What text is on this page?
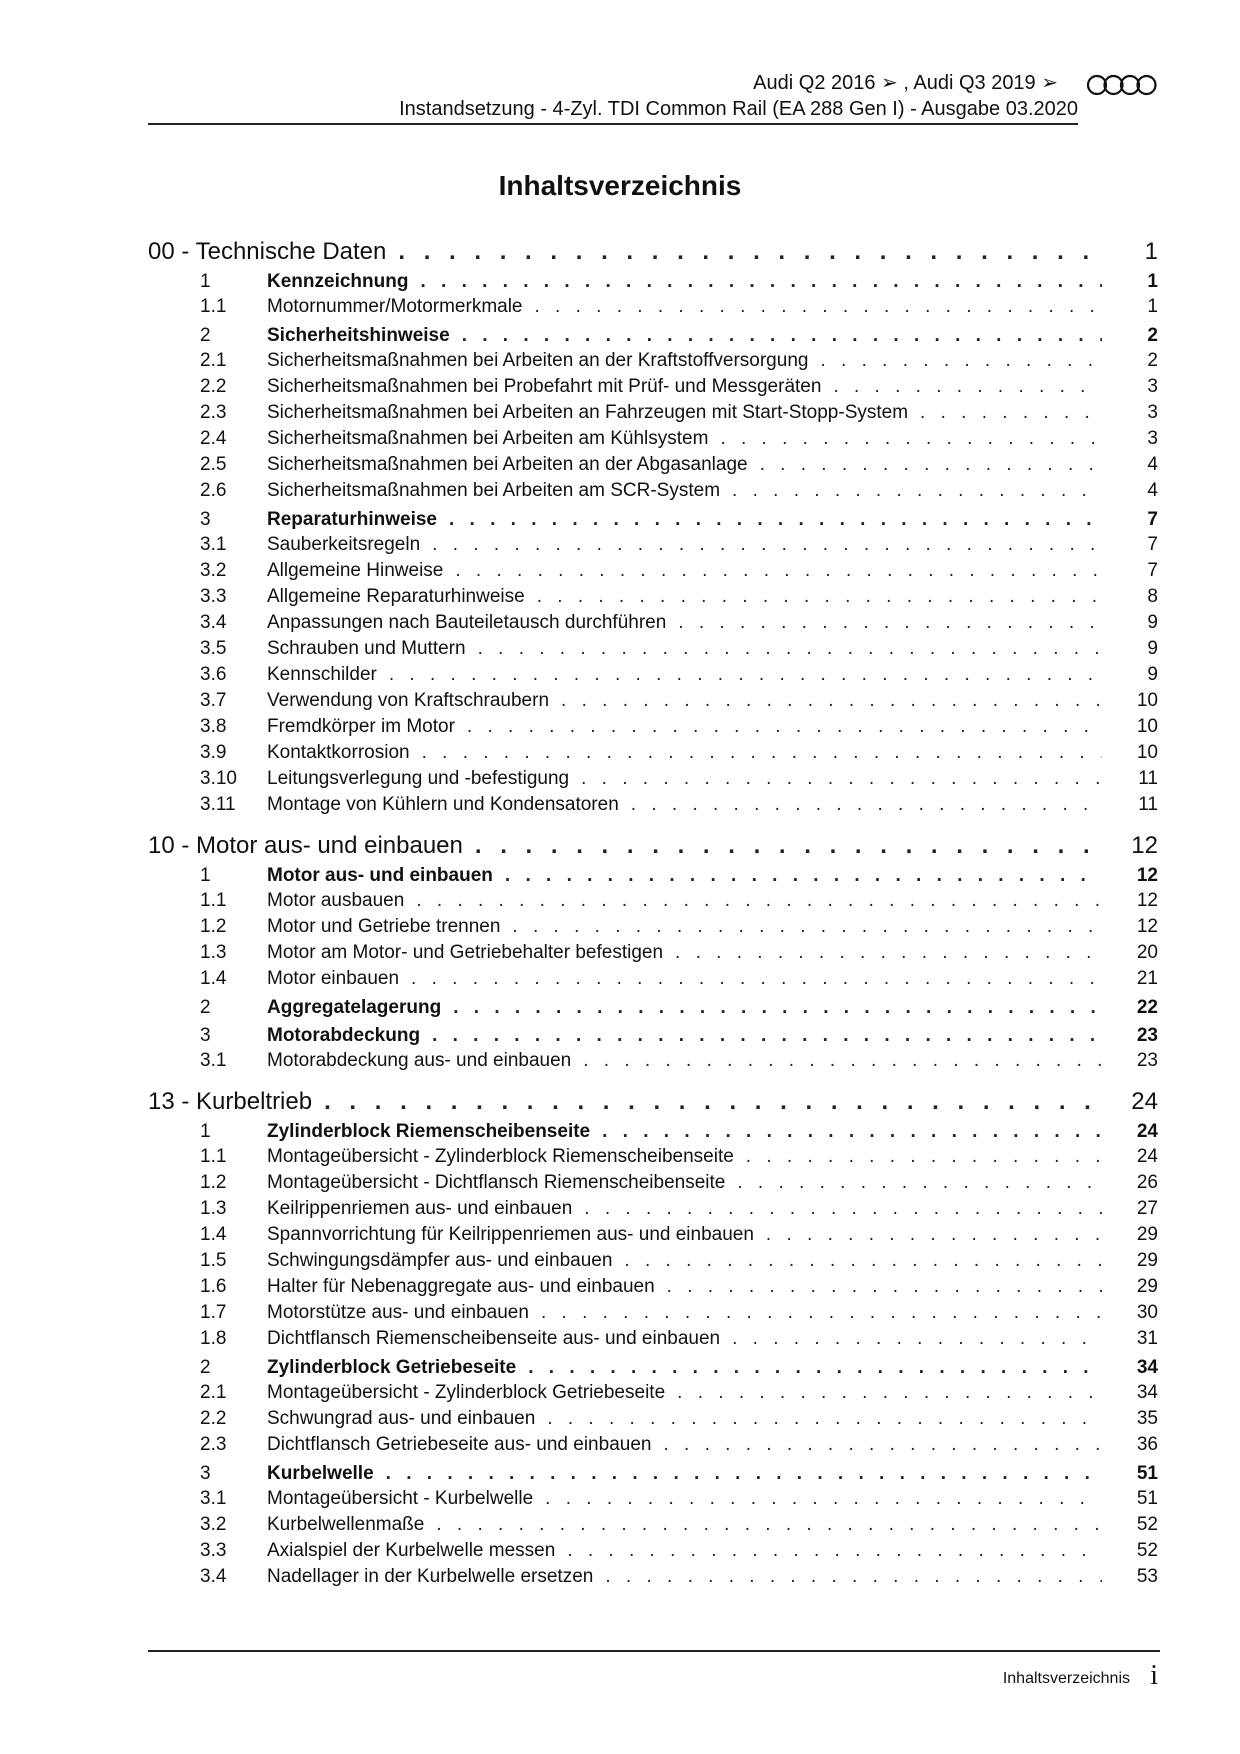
Audi Q2 2016 ➢ , Audi Q3 2019 ➢
Instandsetzung - 4-Zyl. TDI Common Rail (EA 288 Gen I) - Ausgabe 03.2020
Inhaltsverzeichnis
00 - Technische Daten . . .	1
1	Kennzeichnung . . .	1
1.1	Motornummer/Motormerkmale . . .	1
2	Sicherheitshinweise . . .	2
2.1	Sicherheitsmaßnahmen bei Arbeiten an der Kraftstoffversorgung . . .	2
2.2	Sicherheitsmaßnahmen bei Probefahrt mit Prüf- und Messgeräten . . .	3
2.3	Sicherheitsmaßnahmen bei Arbeiten an Fahrzeugen mit Start-Stopp-System . . .	3
2.4	Sicherheitsmaßnahmen bei Arbeiten am Kühlsystem . . .	3
2.5	Sicherheitsmaßnahmen bei Arbeiten an der Abgasanlage . . .	4
2.6	Sicherheitsmaßnahmen bei Arbeiten am SCR-System . . .	4
3	Reparaturhinweise . . .	7
3.1	Sauberkeitsregeln . . .	7
3.2	Allgemeine Hinweise . . .	7
3.3	Allgemeine Reparaturhinweise . . .	8
3.4	Anpassungen nach Bauteiletausch durchführen . . .	9
3.5	Schrauben und Muttern . . .	9
3.6	Kennschilder . . .	9
3.7	Verwendung von Kraftschraubern . . .	10
3.8	Fremdkörper im Motor . . .	10
3.9	Kontaktkorrosion . . .	10
3.10	Leitungsverlegung und -befestigung . . .	11
3.11	Montage von Kühlern und Kondensatoren . . .	11
10 - Motor aus- und einbauen . . .	12
1	Motor aus- und einbauen . . .	12
1.1	Motor ausbauen . . .	12
1.2	Motor und Getriebe trennen . . .	12
1.3	Motor am Motor- und Getriebehalter befestigen . . .	20
1.4	Motor einbauen . . .	21
2	Aggregatelagerung . . .	22
3	Motorabdeckung . . .	23
3.1	Motorabdeckung aus- und einbauen . . .	23
13 - Kurbeltrieb . . .	24
1	Zylinderblock Riemenscheibenseite . . .	24
1.1	Montageübersicht - Zylinderblock Riemenscheibenseite . . .	24
1.2	Montageübersicht - Dichtflansch Riemenscheibenseite . . .	26
1.3	Keilrippenriemen aus- und einbauen . . .	27
1.4	Spannvorrichtung für Keilrippenriemen aus- und einbauen . . .	29
1.5	Schwingungsdämpfer aus- und einbauen . . .	29
1.6	Halter für Nebenaggregate aus- und einbauen . . .	29
1.7	Motorstütze aus- und einbauen . . .	30
1.8	Dichtflansch Riemenscheibenseite aus- und einbauen . . .	31
2	Zylinderblock Getriebeseite . . .	34
2.1	Montageübersicht - Zylinderblock Getriebeseite . . .	34
2.2	Schwungrad aus- und einbauen . . .	35
2.3	Dichtflansch Getriebeseite aus- und einbauen . . .	36
3	Kurbelwelle . . .	51
3.1	Montageübersicht - Kurbelwelle . . .	51
3.2	Kurbelwellenmaße . . .	52
3.3	Axialspiel der Kurbelwelle messen . . .	52
3.4	Nadellager in der Kurbelwelle ersetzen . . .	53
Inhaltsverzeichnis i
